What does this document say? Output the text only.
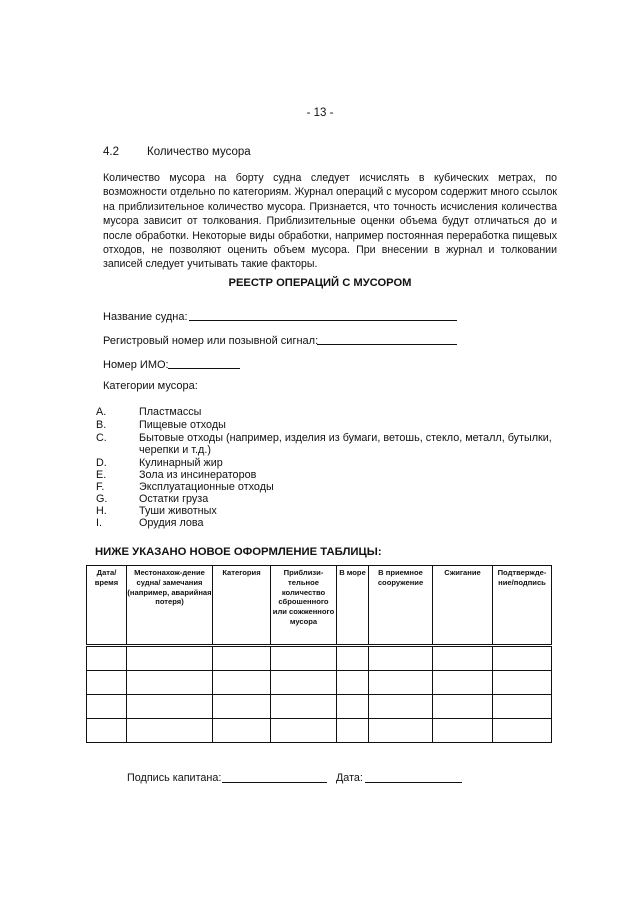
- 13 -
4.2 Количество мусора

Количество мусора на борту судна следует исчислять в кубических метрах, по возможности отдельно по категориям. Журнал операций с мусором содержит много ссылок на приблизительное количество мусора. Признается, что точность исчисления количества мусора зависит от толкования. Приблизительные оценки объема будут отличаться до и после обработки. Некоторые виды обработки, например постоянная переработка пищевых отходов, не позволяют оценить объем мусора. При внесении в журнал и толковании записей следует учитывать такие факторы.

РЕЕСТР ОПЕРАЦИЙ С МУСОРОМ
Название судна:
Регистровый номер или позывной сигнал:
Номер ИМО:
Категории мусора:
A.	Пластмассы
B.	Пищевые отходы
C.	Бытовые отходы (например, изделия из бумаги, ветошь, стекло, металл, бутылки,
черепки и т.д.)
D.	Кулинарный жир
E.	Зола из инсинераторов
F.	Эксплуатационные отходы
G.	Остатки груза
H.	Туши животных
I.	Орудия лова
НИЖЕ УКАЗАНО НОВОЕ ОФОРМЛЕНИЕ ТАБЛИЦЫ:
Дата/ время	Местонахож-дение судна/ замечания (например, аварийная потеря)	Категория	Приблизи-тельное количество сброшенного или сожженного мусора	В море	В приемное сооружение	Сжигание	Подтвержде-ние/подпись

Подпись капитана:	Дата:
